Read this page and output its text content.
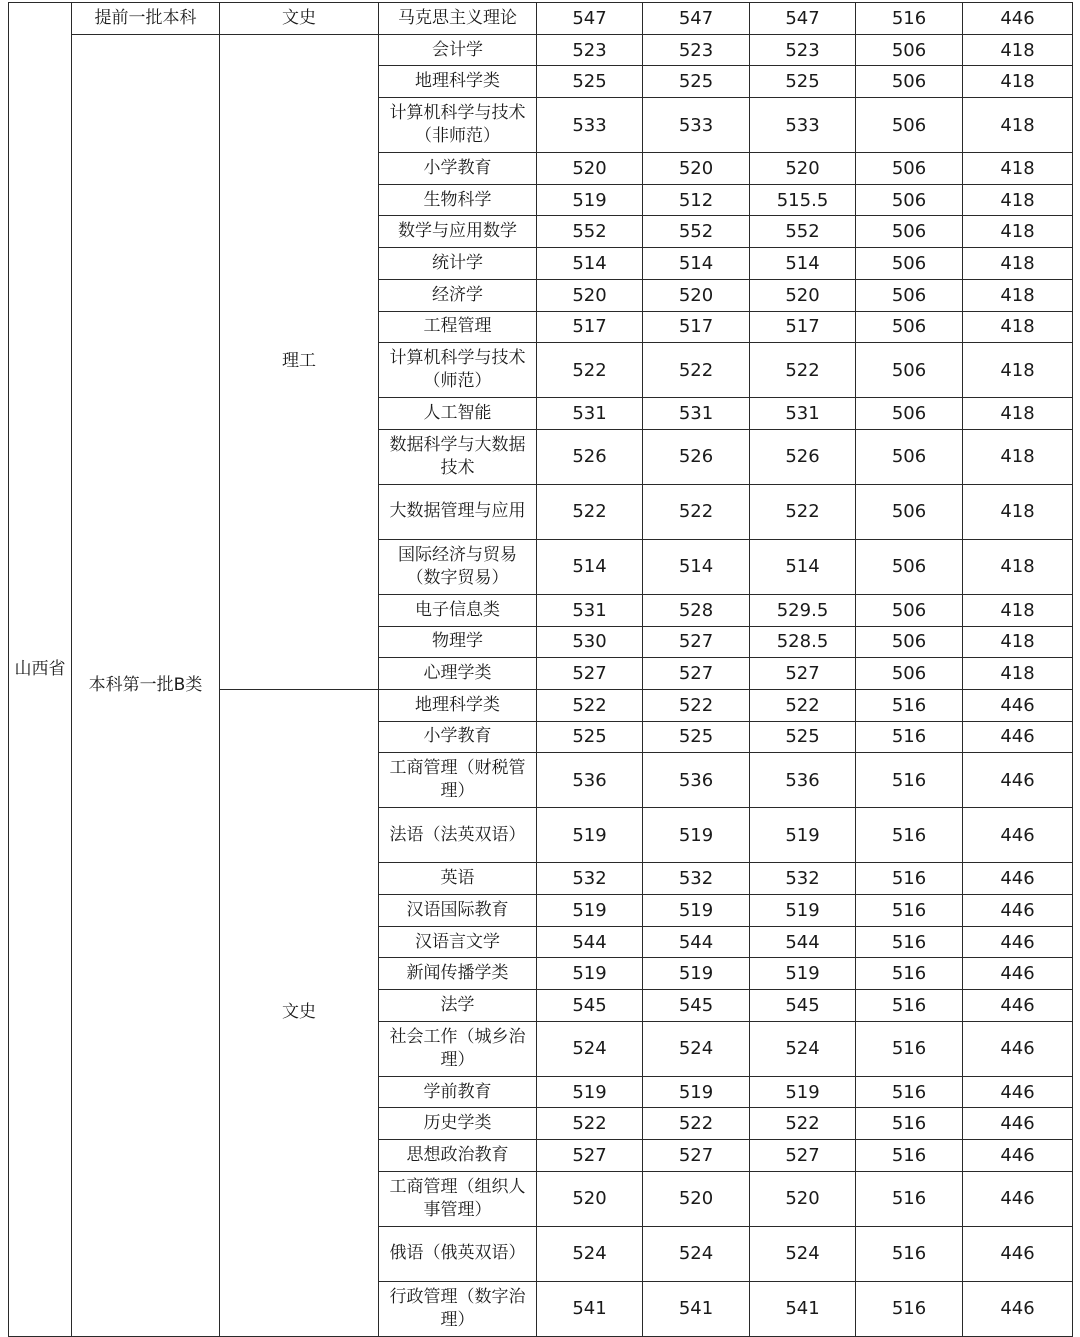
山西省	提前一批本科	文史	马克思主义理论	547	547	547	516	446
	本科第一批B类	理工	会计学	523	523	523	506	418
			地理科学类	525	525	525	506	418
			计算机科学与技术（非师范）	533	533	533	506	418
			小学教育	520	520	520	506	418
			生物科学	519	512	515.5	506	418
			数学与应用数学	552	552	552	506	418
			统计学	514	514	514	506	418
			经济学	520	520	520	506	418
			工程管理	517	517	517	506	418
			计算机科学与技术（师范）	522	522	522	506	418
			人工智能	531	531	531	506	418
			数据科学与大数据技术	526	526	526	506	418
			大数据管理与应用	522	522	522	506	418
			国际经济与贸易（数字贸易）	514	514	514	506	418
			电子信息类	531	528	529.5	506	418
			物理学	530	527	528.5	506	418
			心理学类	527	527	527	506	418
		文史	地理科学类	522	522	522	516	446
			小学教育	525	525	525	516	446
			工商管理（财税管理）	536	536	536	516	446
			法语（法英双语）	519	519	519	516	446
			英语	532	532	532	516	446
			汉语国际教育	519	519	519	516	446
			汉语言文学	544	544	544	516	446
			新闻传播学类	519	519	519	516	446
			法学	545	545	545	516	446
			社会工作（城乡治理）	524	524	524	516	446
			学前教育	519	519	519	516	446
			历史学类	522	522	522	516	446
			思想政治教育	527	527	527	516	446
			工商管理（组织人事管理）	520	520	520	516	446
			俄语（俄英双语）	524	524	524	516	446
			行政管理（数字治理）	541	541	541	516	446
